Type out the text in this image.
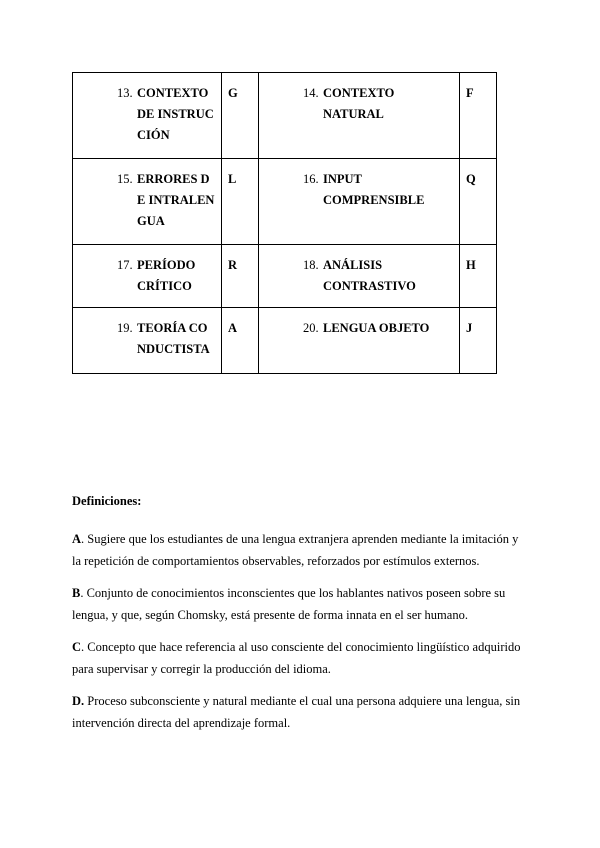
13. CONTEXTO DE INSTRUCCIÓN	G	14. CONTEXTO NATURAL	F

15. ERRORES DE INTRALENGUA	L	16. INPUT COMPRENSIBLE	Q

17. PERÍODO CRÍTICO	R	18. ANÁLISIS CONTRASTIVO	H

19. TEORÍA CONDUCTISTA	A	20. LENGUA OBJETO	J

Definiciones:

A. Sugiere que los estudiantes de una lengua extranjera aprenden mediante la imitación y la repetición de comportamientos observables, reforzados por estímulos externos.

B. Conjunto de conocimientos inconscientes que los hablantes nativos poseen sobre su lengua, y que, según Chomsky, está presente de forma innata en el ser humano.

C. Concepto que hace referencia al uso consciente del conocimiento lingüístico adquirido para supervisar y corregir la producción del idioma.

D. Proceso subconsciente y natural mediante el cual una persona adquiere una lengua, sin intervención directa del aprendizaje formal.
